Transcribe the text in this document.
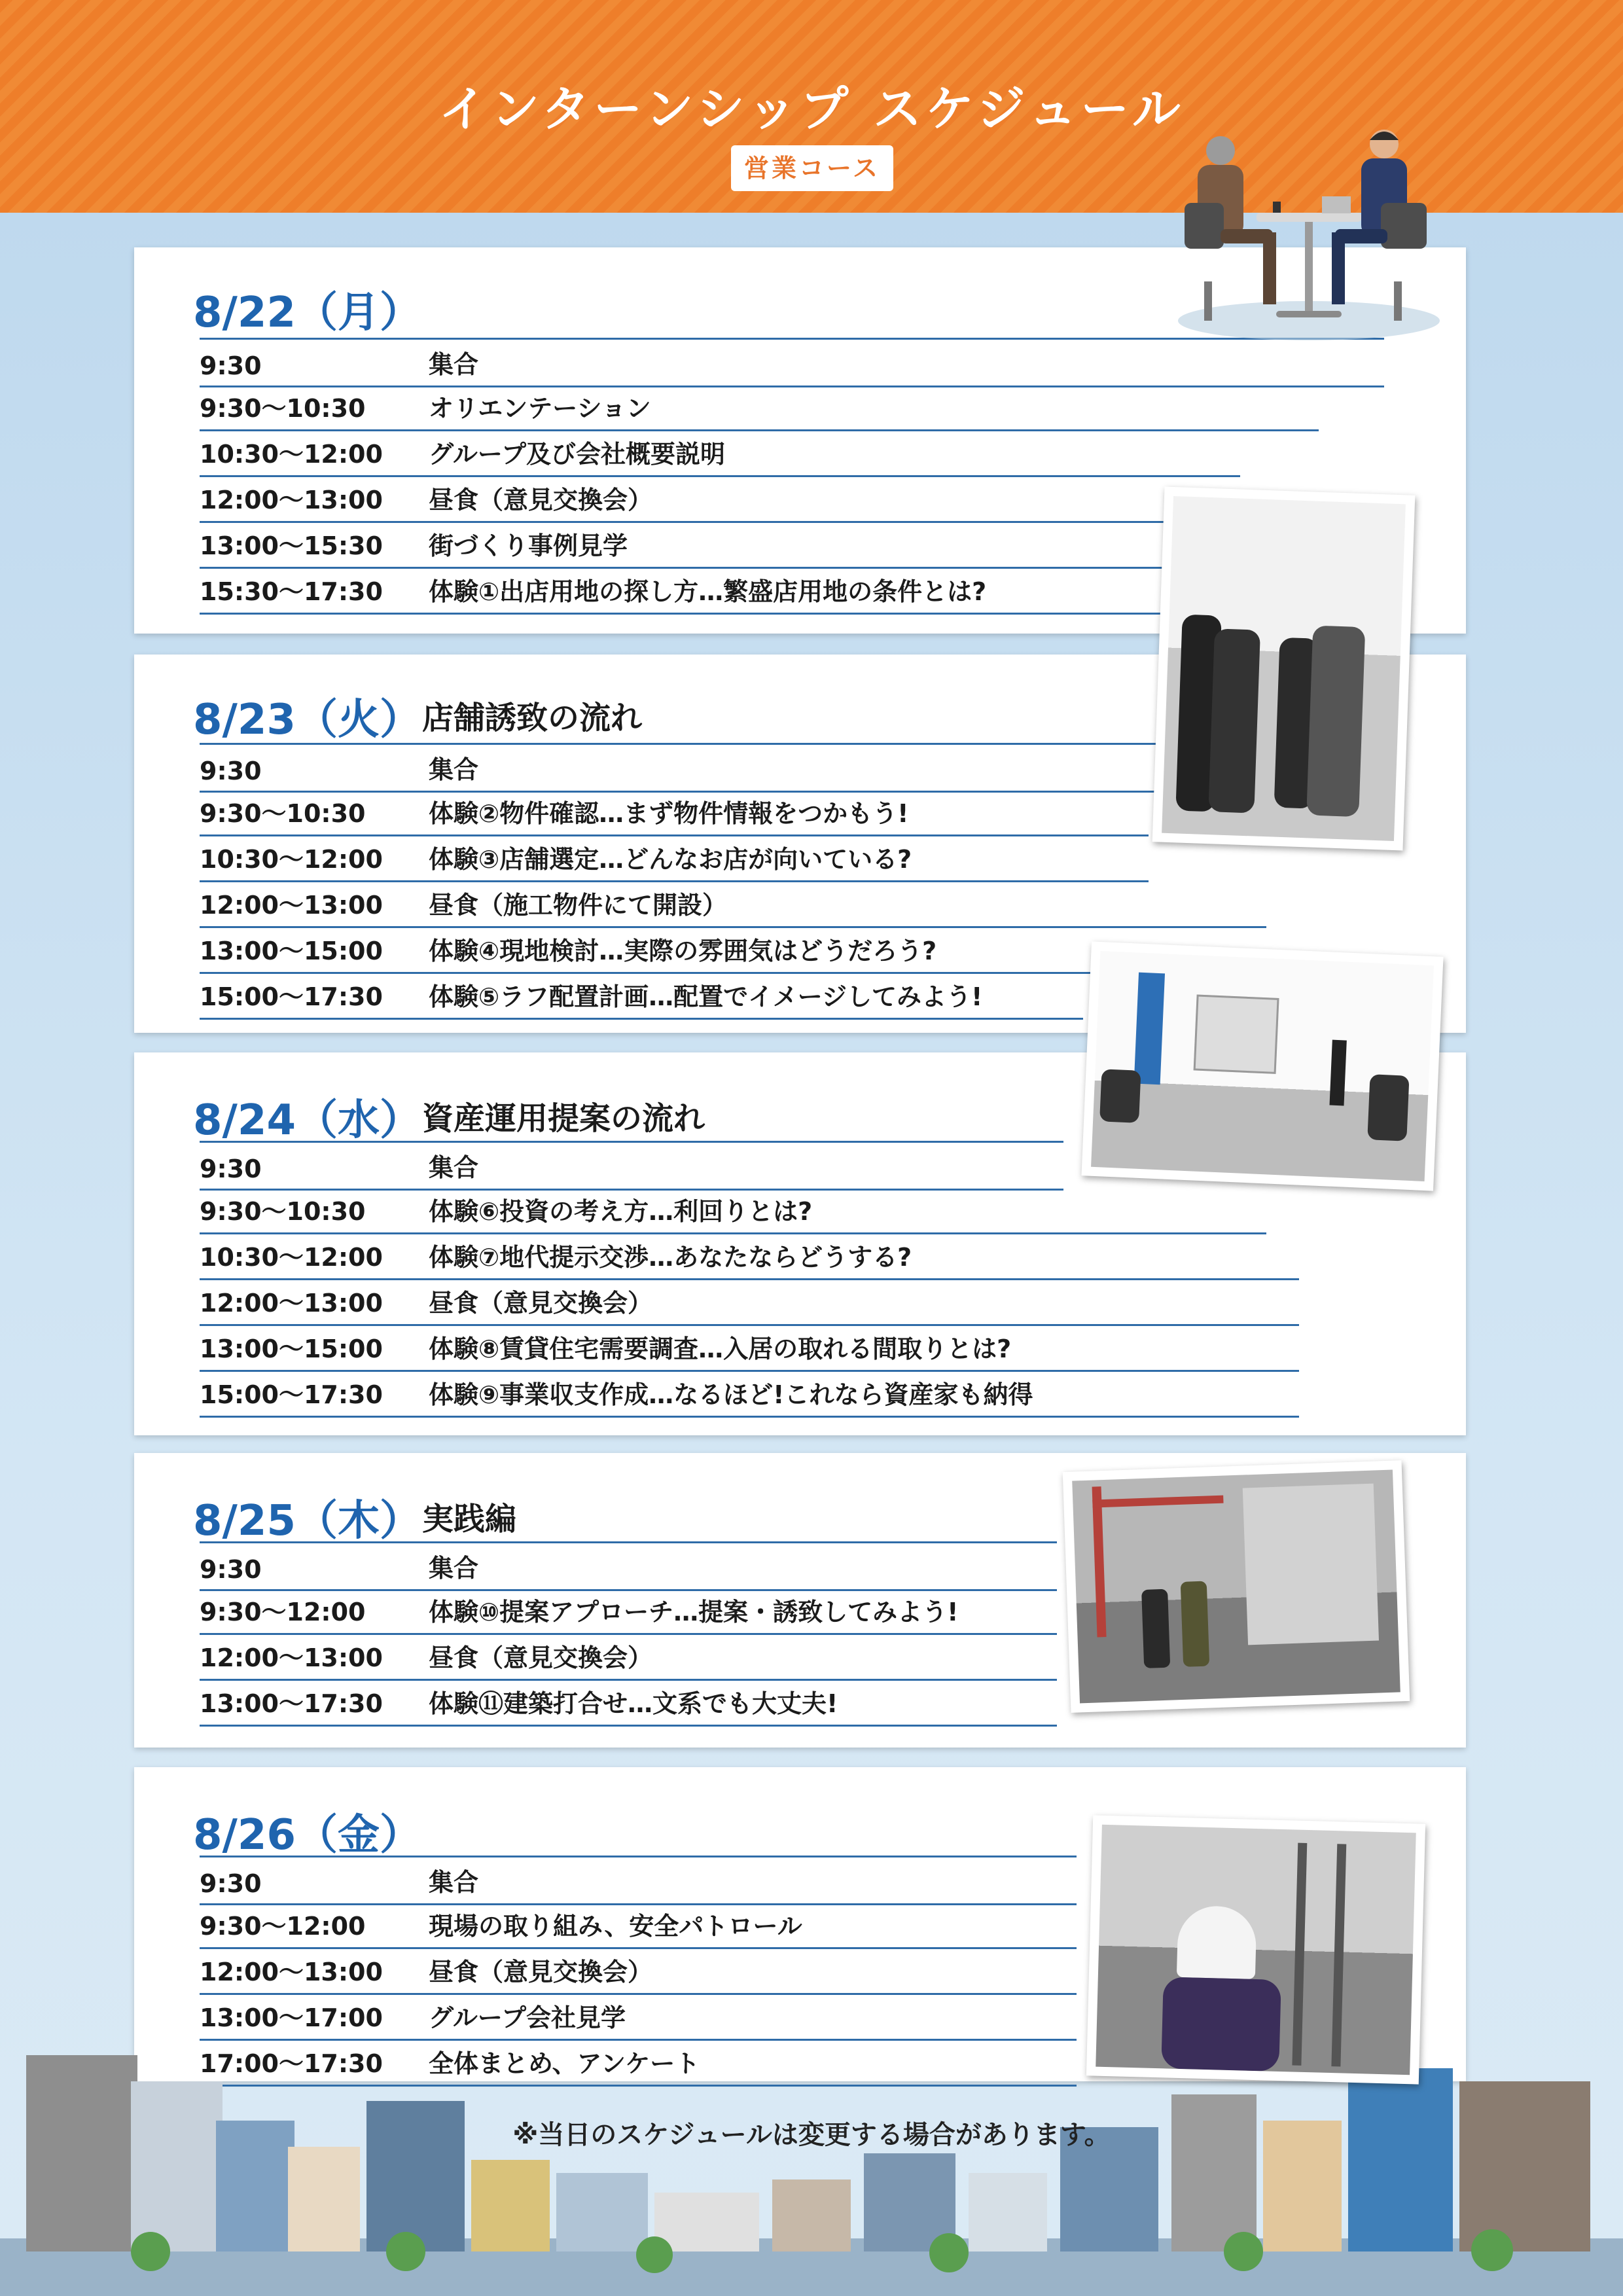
インターンシップ スケジュール
営業コース
8/22（月）
9:30	集合
9:30〜10:30	オリエンテーション
10:30〜12:00 グループ及び会社概要説明
12:00〜13:00 昼食（意見交換会）
13:00〜15:30 街づくり事例見学
15:30〜17:30 体験①出店用地の探し方…繁盛店用地の条件とは?
8/23（火） 店舗誘致の流れ
9:30	集合
9:30〜10:30	体験②物件確認…まず物件情報をつかもう!
10:30〜12:00 体験③店舗選定…どんなお店が向いている?
12:00〜13:00 昼食（施工物件にて開設）
13:00〜15:00 体験④現地検討…実際の雰囲気はどうだろう?
15:00〜17:30 体験⑤ラフ配置計画…配置でイメージしてみよう!
8/24（水） 資産運用提案の流れ
9:30	集合
9:30〜10:30	体験⑥投資の考え方…利回りとは?
10:30〜12:00 体験⑦地代提示交渉…あなたならどうする?
12:00〜13:00 昼食（意見交換会）
13:00〜15:00 体験⑧賃貸住宅需要調査…入居の取れる間取りとは?
15:00〜17:30 体験⑨事業収支作成…なるほど!これなら資産家も納得
8/25（木） 実践編
9:30	集合
9:30〜12:00	体験⑩提案アプローチ…提案・誘致してみよう!
12:00〜13:00 昼食（意見交換会）
13:00〜17:30 体験⑪建築打合せ…文系でも大丈夫!
8/26（金）
9:30	集合
9:30〜12:00	現場の取り組み、安全パトロール
12:00〜13:00 昼食（意見交換会）
13:00〜17:00 グループ会社見学
17:00〜17:30 全体まとめ、アンケート
※当日のスケジュールは変更する場合があります。
